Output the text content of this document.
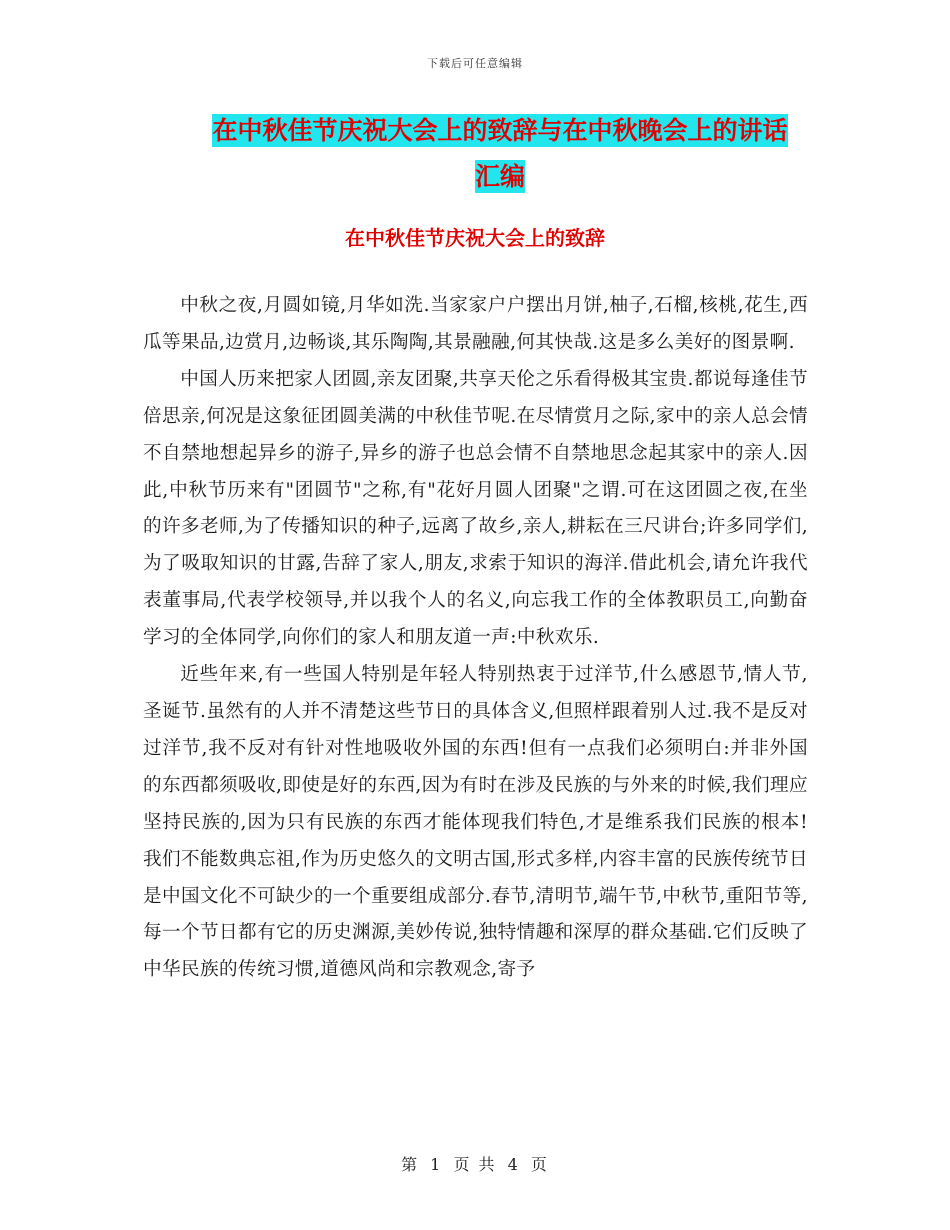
下载后可任意编辑
在中秋佳节庆祝大会上的致辞与在中秋晚会上的讲话
汇编
在中秋佳节庆祝大会上的致辞

中秋之夜,月圆如镜,月华如洗.当家家户户摆出月饼,柚子,石榴,核桃,花生,西瓜等果品,边赏月,边畅谈,其乐陶陶,其景融融,何其快哉.这是多么美好的图景啊.

中国人历来把家人团圆,亲友团聚,共享天伦之乐看得极其宝贵.都说每逢佳节倍思亲,何况是这象征团圆美满的中秋佳节呢.在尽情赏月之际,家中的亲人总会情不自禁地想起异乡的游子,异乡的游子也总会情不自禁地思念起其家中的亲人.因此,中秋节历来有"团圆节"之称,有"花好月圆人团聚"之谓.可在这团圆之夜,在坐的许多老师,为了传播知识的种子,远离了故乡,亲人,耕耘在三尺讲台;许多同学们,为了吸取知识的甘露,告辞了家人,朋友,求索于知识的海洋.借此机会,请允许我代表董事局,代表学校领导,并以我个人的名义,向忘我工作的全体教职员工,向勤奋学习的全体同学,向你们的家人和朋友道一声:中秋欢乐.

近些年来,有一些国人特别是年轻人特别热衷于过洋节,什么感恩节,情人节,圣诞节.虽然有的人并不清楚这些节日的具体含义,但照样跟着别人过.我不是反对过洋节,我不反对有针对性地吸收外国的东西!但有一点我们必须明白:并非外国的东西都须吸收,即使是好的东西,因为有时在涉及民族的与外来的时候,我们理应坚持民族的,因为只有民族的东西才能体现我们特色,才是维系我们民族的根本!我们不能数典忘祖,作为历史悠久的文明古国,形式多样,内容丰富的民族传统节日是中国文化不可缺少的一个重要组成部分.春节,清明节,端午节,中秋节,重阳节等,每一个节日都有它的历史渊源,美妙传说,独特情趣和深厚的群众基础.它们反映了中华民族的传统习惯,道德风尚和宗教观念,寄予

第 1 页 共 4 页
